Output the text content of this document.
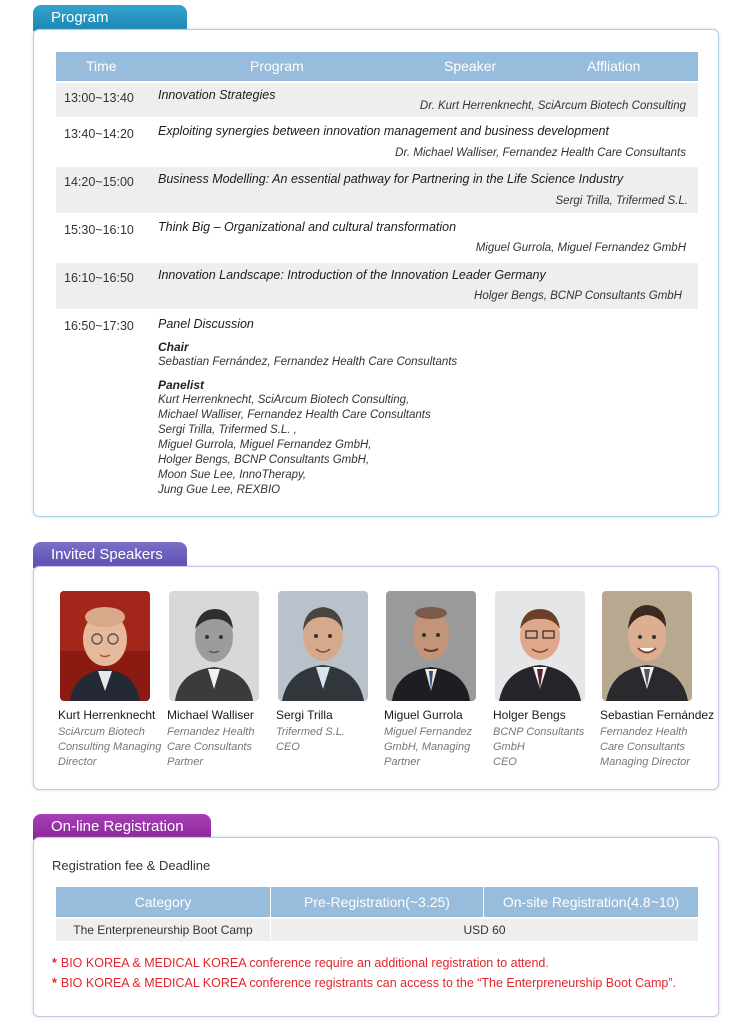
Program
Time	Program	Speaker	Affliation
13:00~13:40 Innovation Strategies
Dr. Kurt Herrenknecht, SciArcum Biotech Consulting
13:40~14:20 Exploiting synergies between innovation management and business development
Dr. Michael Walliser, Fernandez Health Care Consultants
14:20~15:00 Business Modelling: An essential pathway for Partnering in the Life Science Industry
Sergi Trilla, Trifermed S.L.
15:30~16:10 Think Big – Organizational and cultural transformation
Miguel Gurrola, Miguel Fernandez GmbH
16:10~16:50 Innovation Landscape: Introduction of the Innovation Leader Germany
Holger Bengs, BCNP Consultants GmbH
16:50~17:30 Panel Discussion
Chair
Sebastian Fernández, Fernandez Health Care Consultants
Panelist
Kurt Herrenknecht, SciArcum Biotech Consulting,
Michael Walliser, Fernandez Health Care Consultants
Sergi Trilla, Trifermed S.L. ,
Miguel Gurrola, Miguel Fernandez GmbH,
Holger Bengs, BCNP Consultants GmbH,
Moon Sue Lee, InnoTherapy,
Jung Gue Lee, REXBIO
Invited Speakers
Kurt Herrenknecht
SciArcum Biotech
Consulting Managing
Director
Michael Walliser
Fernandez Health
Care Consultants
Partner
Sergi Trilla
Trifermed S.L.
CEO
Miguel Gurrola
Miguel Fernandez
GmbH, Managing
Partner
Holger Bengs
BCNP Consultants
GmbH
CEO
Sebastian Fernández
Fernandez Health
Care Consultants
Managing Director
On-line Registration
Registration fee & Deadline
Category	Pre-Registration(~3.25)	On-site Registration(4.8~10)
The Enterpreneurship Boot Camp	USD 60
* BIO KOREA & MEDICAL KOREA conference require an additional registration to attend.
* BIO KOREA & MEDICAL KOREA conference registrants can access to the “The Enterpreneurship Boot Camp”.
